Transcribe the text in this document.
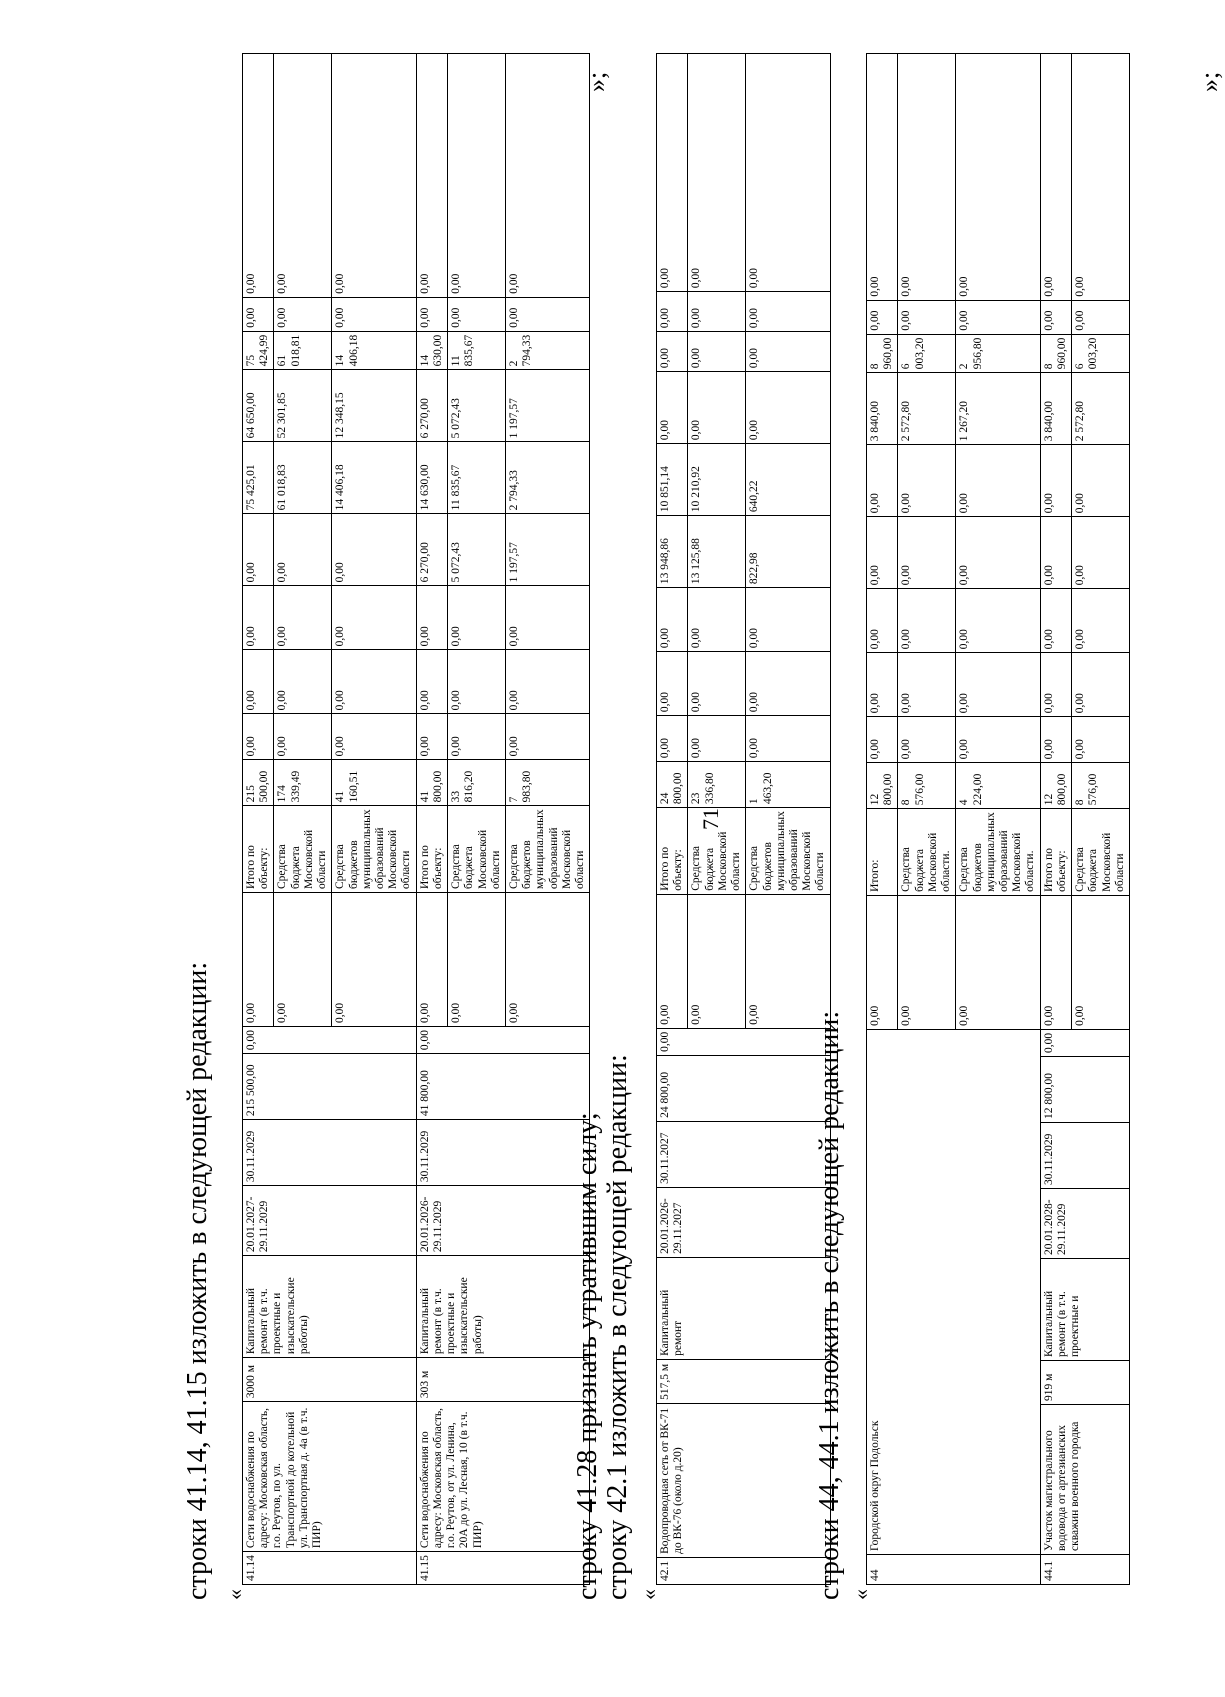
71
строки 41.14, 41.15 изложить в следующей редакции: «
»;
41.14	Сети водоснабжения по адресу: Московская область, г.о. Реутов, по ул. Транспортной до котельной ул. Транспортная д. 4а (в т.ч. ПИР)	3000 м	Капитальный ремонт (в т.ч. проектные и изыскательские работы)	20.01.2027-29.11.2029	30.11.2029	215 500,00	0,00	0,00	Итого по объекту:	215 500,00	0,00	0,00	0,00	0,00	75 425,01	64 650,00	75 424,99	0,00	0,00
								0,00	Средства бюджета Московской области	174 339,49	0,00	0,00	0,00	0,00	61 018,83	52 301,85	61 018,81	0,00	0,00
								0,00	Средства бюджетов муниципальных образований Московской области	41 160,51	0,00	0,00	0,00	0,00	14 406,18	12 348,15	14 406,18	0,00	0,00
41.15	Сети водоснабжения по адресу: Московская область, г.о. Реутов, от ул. Ленина, 20А до ул. Лесная, 10 (в т.ч. ПИР)	303 м	Капитальный ремонт (в т.ч. проектные и изыскательские работы)	20.01.2026-29.11.2029	30.11.2029	41 800,00	0,00	0,00	Итого по объекту:	41 800,00	0,00	0,00	0,00	6 270,00	14 630,00	6 270,00	14 630,00	0,00	0,00
								0,00	Средства бюджета Московской области	33 816,20	0,00	0,00	0,00	5 072,43	11 835,67	5 072,43	11 835,67	0,00	0,00
								0,00	Средства бюджетов муниципальных образований Московской области	7 983,80	0,00	0,00	0,00	1 197,57	2 794,33	1 197,57	2 794,33	0,00	0,00
строку 41.28 признать утратившим силу; строку 42.1 изложить в следующей редакции: «
»;
42.1	Водопроводная сеть от ВК-71 до ВК-76 (около д.20)	517,5 м	Капитальный ремонт	20.01.2026-29.11.2027	30.11.2027	24 800,00	0,00	0,00	Итого по объекту:	24 800,00	0,00	0,00	0,00	13 948,86	10 851,14	0,00	0,00	0,00	0,00
								0,00	Средства бюджета Московской области	23 336,80	0,00	0,00	0,00	13 125,88	10 210,92	0,00	0,00	0,00	0,00
								0,00	Средства бюджетов муниципальных образований Московской области	1 463,20	0,00	0,00	0,00	822,98	640,22	0,00	0,00	0,00	0,00
строки 44, 44.1 изложить в следующей редакции: «
44	Городской округ Подольск							0,00	Итого:	12 800,00	0,00	0,00	0,00	0,00	0,00	3 840,00	8 960,00	0,00	0,00
								0,00	Средства бюджета Московской области.	8 576,00	0,00	0,00	0,00	0,00	0,00	2 572,80	6 003,20	0,00	0,00
								0,00	Средства бюджетов муниципальных образований Московской области.	4 224,00	0,00	0,00	0,00	0,00	0,00	1 267,20	2 956,80	0,00	0,00
44.1	Участок магистрального водовода от артезианских скважин военного городка	919 м	Капитальный ремонт (в т.ч. проектные и	20.01.2028-29.11.2029	30.11.2029	12 800,00	0,00	0,00	Итого по объекту:	12 800,00	0,00	0,00	0,00	0,00	0,00	3 840,00	8 960,00	0,00	0,00
								0,00	Средства бюджета Московской области	8 576,00	0,00	0,00	0,00	0,00	0,00	2 572,80	6 003,20	0,00	0,00
